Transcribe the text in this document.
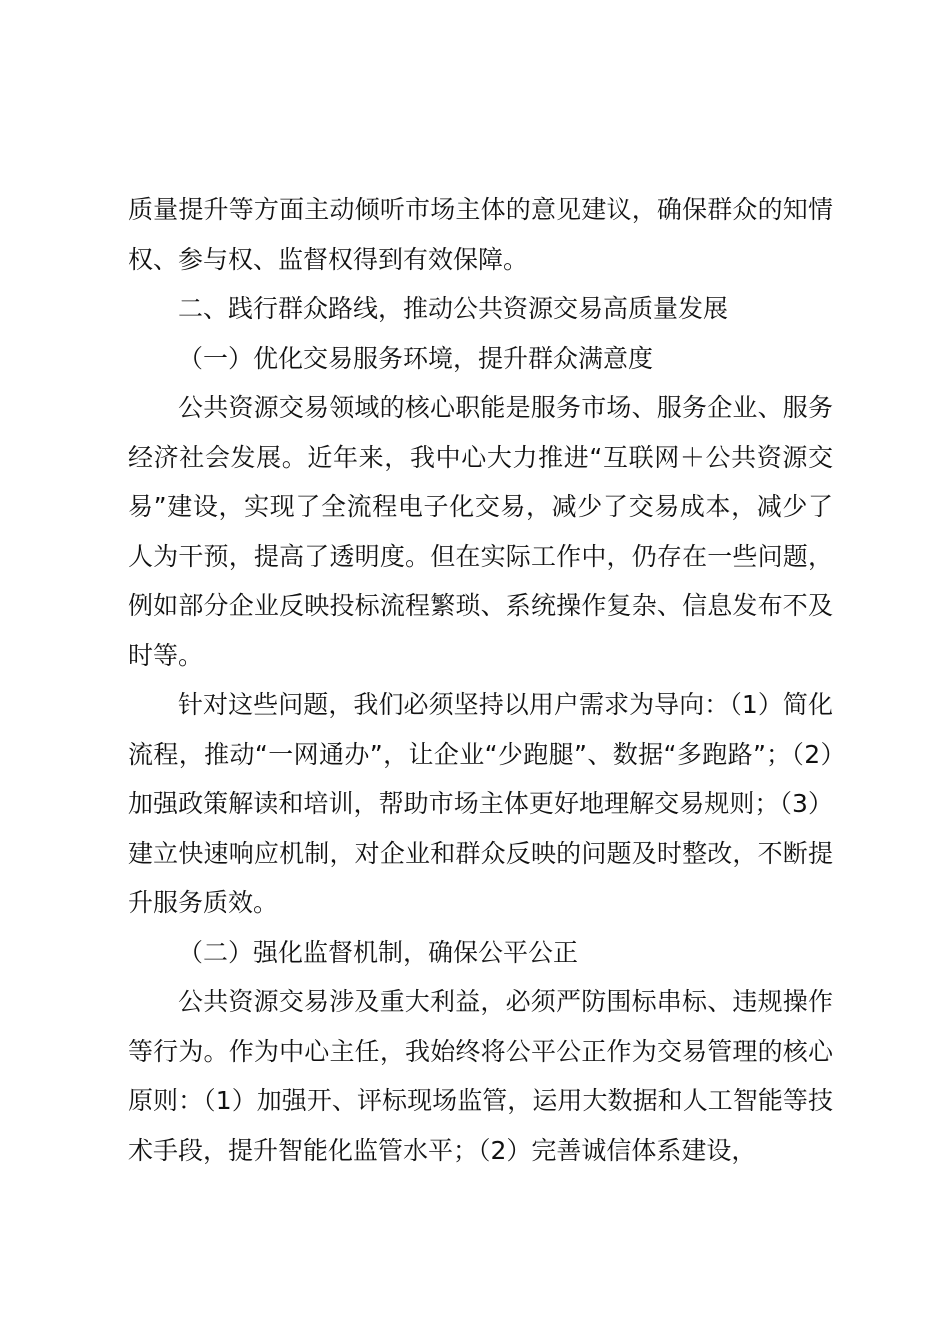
质量提升等方面主动倾听市场主体的意见建议，确保群众的知情权、参与权、监督权得到有效保障。

二、践行群众路线，推动公共资源交易高质量发展

（一）优化交易服务环境，提升群众满意度

公共资源交易领域的核心职能是服务市场、服务企业、服务经济社会发展。近年来，我中心大力推进“互联网＋公共资源交易”建设，实现了全流程电子化交易，减少了交易成本，减少了人为干预，提高了透明度。但在实际工作中，仍存在一些问题，例如部分企业反映投标流程繁琐、系统操作复杂、信息发布不及时等。

针对这些问题，我们必须坚持以用户需求为导向：（1）简化流程，推动“一网通办”，让企业“少跑腿”、数据“多跑路”；（2）加强政策解读和培训，帮助市场主体更好地理解交易规则；（3）建立快速响应机制，对企业和群众反映的问题及时整改，不断提升服务质效。

（二）强化监督机制，确保公平公正

公共资源交易涉及重大利益，必须严防围标串标、违规操作等行为。作为中心主任，我始终将公平公正作为交易管理的核心原则：（1）加强开、评标现场监管，运用大数据和人工智能等技术手段，提升智能化监管水平；（2）完善诚信体系建设，
